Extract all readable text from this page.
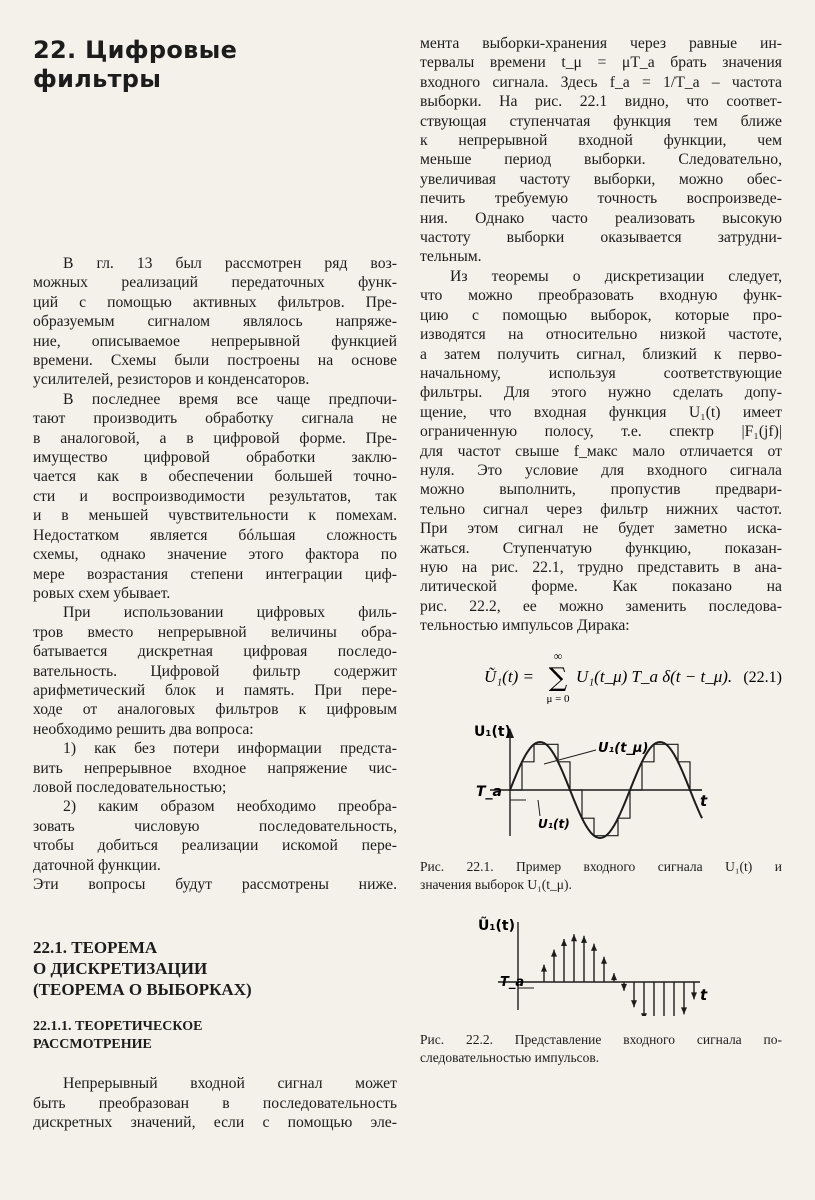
22. Цифровые
фильтры
В гл. 13 был рассмотрен ряд воз-
можных реализаций передаточных функ-
ций с помощью активных фильтров. Пре-
образуемым сигналом являлось напряже-
ние, описываемое непрерывной функцией
времени. Схемы были построены на основе
усилителей, резисторов и конденсаторов.
В последнее время все чаще предпочи-
тают производить обработку сигнала не
в аналоговой, а в цифровой форме. Пре-
имущество цифровой обработки заклю-
чается как в обеспечении большей точно-
сти и воспроизводимости результатов, так
и в меньшей чувствительности к помехам.
Недостатком является бóльшая сложность
схемы, однако значение этого фактора по
мере возрастания степени интеграции циф-
ровых схем убывает.
При использовании цифровых филь-
тров вместо непрерывной величины обра-
батывается дискретная цифровая последо-
вательность. Цифровой фильтр содержит
арифметический блок и память. При пере-
ходе от аналоговых фильтров к цифровым
необходимо решить два вопроса:
1) как без потери информации предста-
вить непрерывное входное напряжение чис-
ловой последовательностью;
2) каким образом необходимо преобра-
зовать числовую последовательность,
чтобы добиться реализации искомой пере-
даточной функции.
Эти вопросы будут рассмотрены ниже.
22.1. ТЕОРЕМА
О ДИСКРЕТИЗАЦИИ
(ТЕОРЕМА О ВЫБОРКАХ)
22.1.1. ТЕОРЕТИЧЕСКОЕ
РАССМОТРЕНИЕ
Непрерывный входной сигнал может
быть преобразован в последовательность
дискретных значений, если с помощью эле-
мента выборки-хранения через равные ин-
тервалы времени t_μ = μT_a брать значения
входного сигнала. Здесь f_a = 1/T_a – частота
выборки. На рис. 22.1 видно, что соответ-
ствующая ступенчатая функция тем ближе
к непрерывной входной функции, чем
меньше период выборки. Следовательно,
увеличивая частоту выборки, можно обес-
печить требуемую точность воспроизведе-
ния. Однако часто реализовать высокую
частоту выборки оказывается затрудни-
тельным.
Из теоремы о дискретизации следует,
что можно преобразовать входную функ-
цию с помощью выборок, которые про-
изводятся на относительно низкой частоте,
а затем получить сигнал, близкий к перво-
начальному, используя соответствующие
фильтры. Для этого нужно сделать допу-
щение, что входная функция U₁(t) имеет
ограниченную полосу, т.е. спектр |F₁(jf)|
для частот свыше f_макс мало отличается от
нуля. Это условие для входного сигнала
можно выполнить, пропустив предвари-
тельно сигнал через фильтр нижних частот.
При этом сигнал не будет заметно иска-
жаться. Ступенчатую функцию, показан-
ную на рис. 22.1, трудно представить в ана-
литической форме. Как показано на
рис. 22.2, ее можно заменить последова-
тельностью импульсов Дирака:
Ũ₁(t) =
∞
∑
μ = 0
U₁(t_μ) T_a δ(t − t_μ). (22.1)
U₁(t)
U₁(t_μ)
U₁(t)
T_a	t
Рис. 22.1. Пример входного сигнала U₁(t) и
значения выборок U₁(t_μ).
Ũ₁(t)
T_a
t
Рис. 22.2. Представление входного сигнала по-
следовательностью импульсов.
